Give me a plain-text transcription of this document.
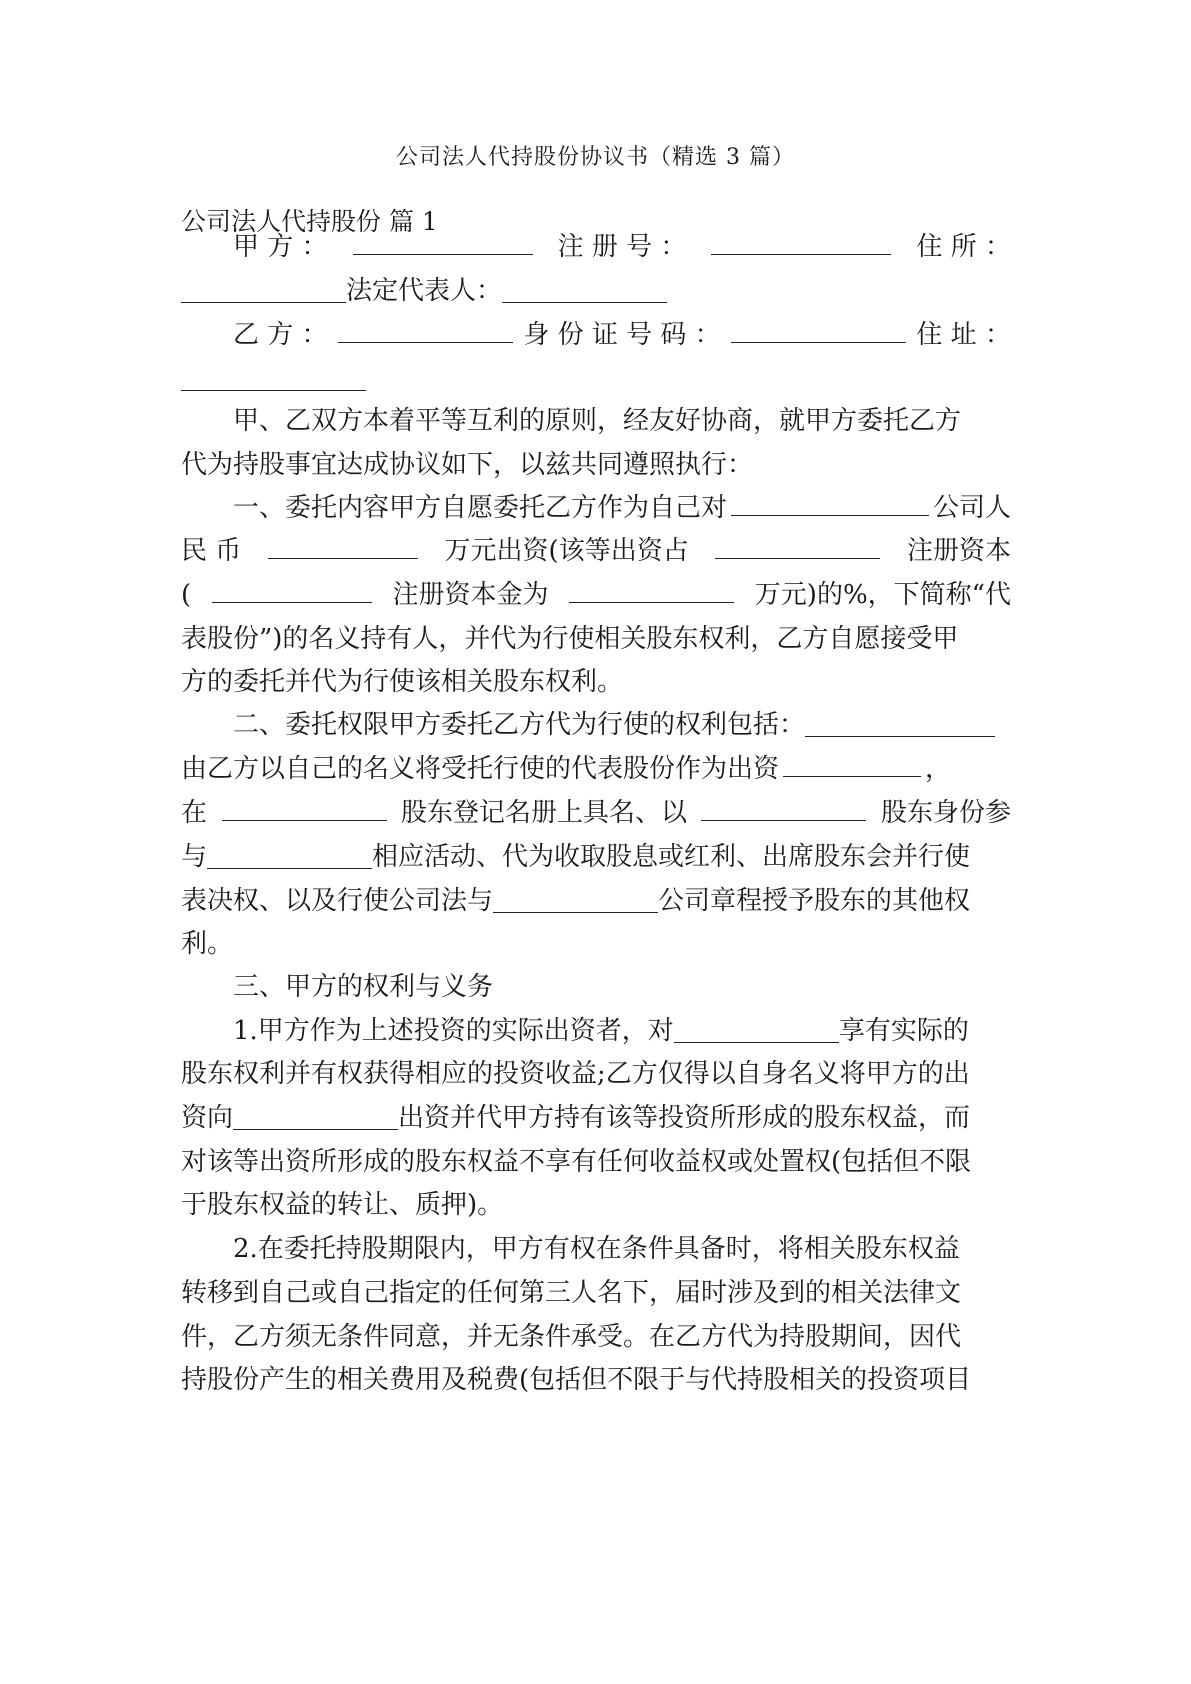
公司法人代持股份协议书（精选 3 篇）
公司法人代持股份 篇 1
甲 方 ：	注 册 号 ：	住 所 ：
法定代表人：
乙 方 ：	身 份 证 号 码 ：	住 址 ：
甲、乙双方本着平等互利的原则，经友好协商，就甲方委托乙方
代为持股事宜达成协议如下，以兹共同遵照执行：
一、委托内容甲方自愿委托乙方作为自己对	公司人
民 币	万元出资(该等出资占	注册资本
(	注册资本金为	万元)的%，下简称“代
表股份”)的名义持有人，并代为行使相关股东权利，乙方自愿接受甲
方的委托并代为行使该相关股东权利。
二、委托权限甲方委托乙方代为行使的权利包括：
由乙方以自己的名义将受托行使的代表股份作为出资	，
在	股东登记名册上具名、以	股东身份参
与	相应活动、代为收取股息或红利、出席股东会并行使
表决权、以及行使公司法与	公司章程授予股东的其他权
利。
三、甲方的权利与义务
1.甲方作为上述投资的实际出资者，对	享有实际的
股东权利并有权获得相应的投资收益;乙方仅得以自身名义将甲方的出
资向	出资并代甲方持有该等投资所形成的股东权益，而
对该等出资所形成的股东权益不享有任何收益权或处置权(包括但不限
于股东权益的转让、质押)。
2.在委托持股期限内，甲方有权在条件具备时，将相关股东权益
转移到自己或自己指定的任何第三人名下，届时涉及到的相关法律文
件，乙方须无条件同意，并无条件承受。在乙方代为持股期间，因代
持股份产生的相关费用及税费(包括但不限于与代持股相关的投资项目
